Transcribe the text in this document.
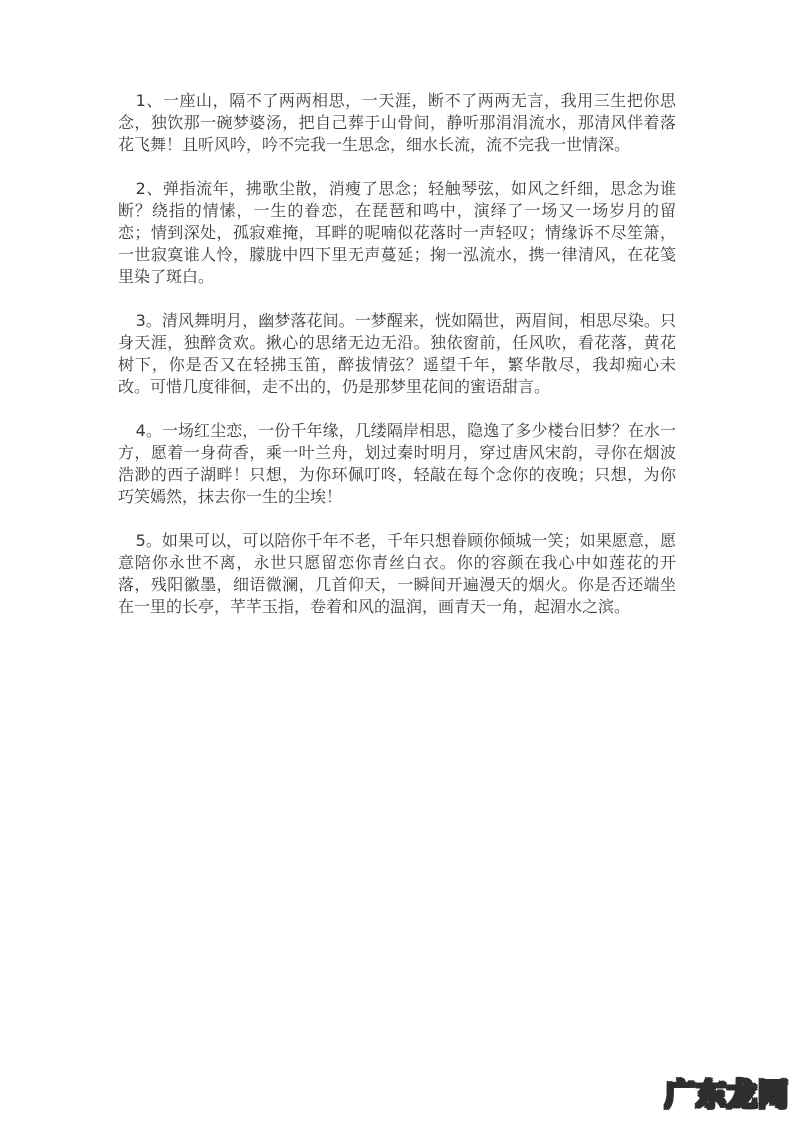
1、一座山，隔不了两两相思，一天涯，断不了两两无言，我用三生把你思念，独饮那一碗梦婆汤，把自己葬于山骨间，静听那涓涓流水，那清风伴着落花飞舞！且听风吟，吟不完我一生思念，细水长流，流不完我一世情深。

2、弹指流年，拂歌尘散，消瘦了思念；轻触琴弦，如风之纤细，思念为谁断？绕指的情愫，一生的眷恋，在琵琶和鸣中，演绎了一场又一场岁月的留恋；情到深处，孤寂难掩，耳畔的呢喃似花落时一声轻叹；情缘诉不尽笙箫，一世寂寞谁人怜，朦胧中四下里无声蔓延；掬一泓流水，携一律清风，在花笺里染了斑白。

3。清风舞明月，幽梦落花间。一梦醒来，恍如隔世，两眉间，相思尽染。只身天涯，独醉贪欢。揪心的思绪无边无沿。独依窗前，任风吹，看花落，黄花树下，你是否又在轻拂玉笛，醉拔情弦？遥望千年，繁华散尽，我却痴心未改。可惜几度徘徊，走不出的，仍是那梦里花间的蜜语甜言。

4。一场红尘恋，一份千年缘，几缕隔岸相思，隐逸了多少楼台旧梦？在水一方，愿着一身荷香，乘一叶兰舟，划过秦时明月，穿过唐风宋韵，寻你在烟波浩渺的西子湖畔！只想，为你环佩叮咚，轻敲在每个念你的夜晚；只想，为你巧笑嫣然，抹去你一生的尘埃！

5。如果可以，可以陪你千年不老，千年只想眷顾你倾城一笑；如果愿意，愿意陪你永世不离，永世只愿留恋你青丝白衣。你的容颜在我心中如莲花的开落，残阳徽墨，细语微澜，几首仰天，一瞬间开遍漫天的烟火。你是否还端坐在一里的长亭，芊芊玉指，卷着和风的温润，画青天一角，起湄水之滨。

广东龙网
